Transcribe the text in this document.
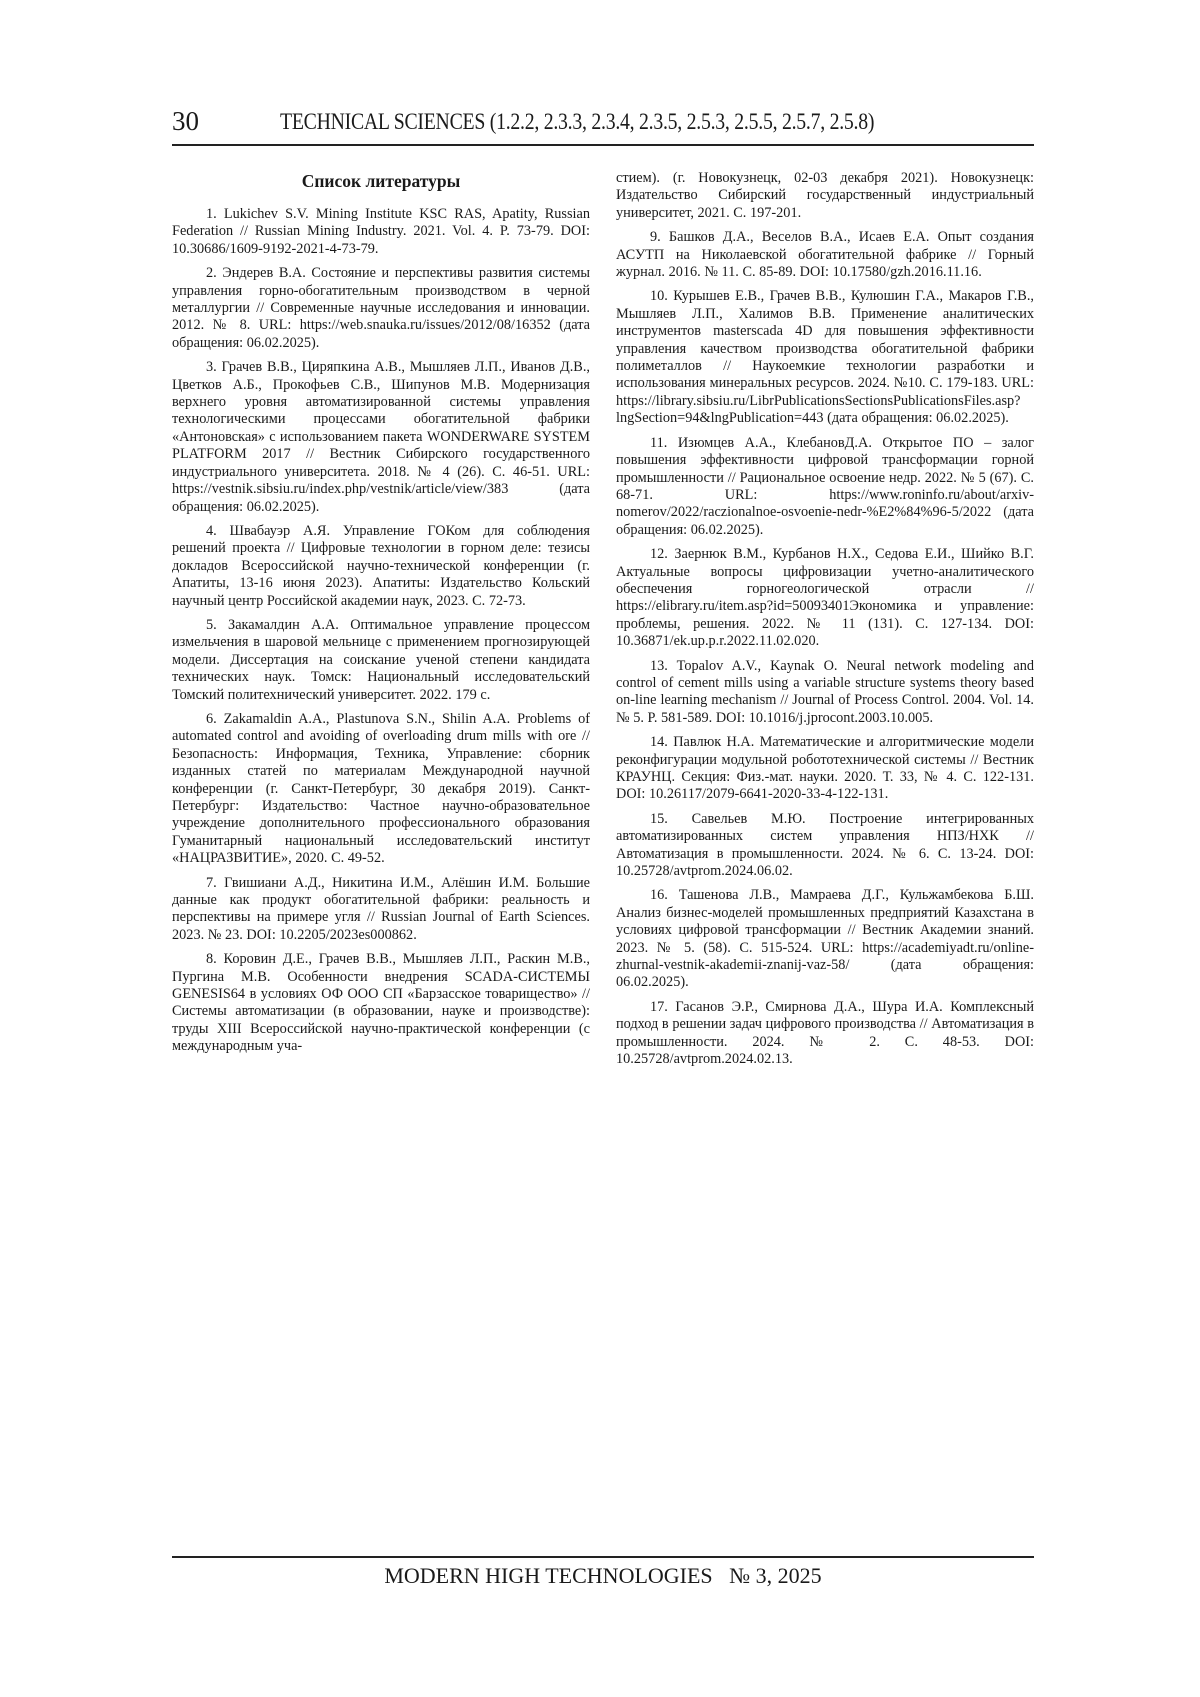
30	TECHNICAL SCIENCES (1.2.2, 2.3.3, 2.3.4, 2.3.5, 2.5.3, 2.5.5, 2.5.7, 2.5.8)
Список литературы

1. Lukichev S.V. Mining Institute KSC RAS, Apatity, Russian Federation // Russian Mining Industry. 2021. Vol. 4. P. 73-79. DOI: 10.30686/1609-9192-2021-4-73-79.

2. Эндерев В.А. Состояние и перспективы развития системы управления горно-обогатительным производством в черной металлургии // Современные научные исследования и инновации. 2012. № 8. URL: https://web.snauka.ru/issues/2012/08/16352 (дата обращения: 06.02.2025).

3. Грачев В.В., Циряпкина А.В., Мышляев Л.П., Иванов Д.В., Цветков А.Б., Прокофьев С.В., Шипунов М.В. Модернизация верхнего уровня автоматизированной системы управления технологическими процессами обогатительной фабрики «Антоновская» с использованием пакета WONDERWARE SYSTEM PLATFORM 2017 // Вестник Сибирского государственного индустриального университета. 2018. № 4 (26). С. 46-51. URL: https://vestnik.sibsiu.ru/index.php/vestnik/article/view/383 (дата обращения: 06.02.2025).

4. Швабауэр А.Я. Управление ГОКом для соблюдения решений проекта // Цифровые технологии в горном деле: тезисы докладов Всероссийской научно-технической конференции (г. Апатиты, 13-16 июня 2023). Апатиты: Издательство Кольский научный центр Российской академии наук, 2023. С. 72-73.

5. Закамалдин А.А. Оптимальное управление процессом измельчения в шаровой мельнице с применением прогнозирующей модели. Диссертация на соискание ученой степени кандидата технических наук. Томск: Национальный исследовательский Томский политехнический университет. 2022. 179 с.

6. Zakamaldin A.A., Plastunova S.N., Shilin A.A. Problems of automated control and avoiding of overloading drum mills with ore // Безопасность: Информация, Техника, Управление: сборник изданных статей по материалам Международной научной конференции (г. Санкт-Петербург, 30 декабря 2019). Санкт-Петербург: Издательство: Частное научно-образовательное учреждение дополнительного профессионального образования Гуманитарный национальный исследовательский институт «НАЦРАЗВИТИЕ», 2020. С. 49-52.

7. Гвишиани А.Д., Никитина И.М., Алёшин И.М. Большие данные как продукт обогатительной фабрики: реальность и перспективы на примере угля // Russian Journal of Earth Sciences. 2023. № 23. DOI: 10.2205/2023es000862.

8. Коровин Д.Е., Грачев В.В., Мышляев Л.П., Раскин М.В., Пургина М.В. Особенности внедрения SCADA-СИСТЕМЫ GENESIS64 в условиях ОФ ООО СП «Барзасское товарищество» // Системы автоматизации (в образовании, науке и производстве): труды XIII Всероссийской научно-практической конференции (с международным уча-

стием). (г. Новокузнецк, 02-03 декабря 2021). Новокузнецк: Издательство Сибирский государственный индустриальный университет, 2021. С. 197-201.

9. Башков Д.А., Веселов В.А., Исаев Е.А. Опыт создания АСУТП на Николаевской обогатительной фабрике // Горный журнал. 2016. № 11. С. 85-89. DOI: 10.17580/gzh.2016.11.16.

10. Курышев Е.В., Грачев В.В., Кулюшин Г.А., Макаров Г.В., Мышляев Л.П., Халимов В.В. Применение аналитических инструментов masterscada 4D для повышения эффективности управления качеством производства обогатительной фабрики полиметаллов // Наукоемкие технологии разработки и использования минеральных ресурсов. 2024. №10. С. 179-183. URL: https://library.sibsiu.ru/LibrPublicationsSectionsPublicationsFiles.asp?lngSection=94&lngPublication=443 (дата обращения: 06.02.2025).

11. Изюмцев А.А., КлебановД.А. Открытое ПО – залог повышения эффективности цифровой трансформации горной промышленности // Рациональное освоение недр. 2022. № 5 (67). С. 68-71. URL: https://www.roninfo.ru/about/arxiv-nomerov/2022/raczionalnoe-osvoenie-nedr-%E2%84%96-5/2022 (дата обращения: 06.02.2025).

12. Заернюк В.М., Курбанов Н.Х., Седова Е.И., Шийко В.Г. Актуальные вопросы цифровизации учетно-аналитического обеспечения горногеологической отрасли // https://elibrary.ru/item.asp?id=50093401Экономика и управление: проблемы, решения. 2022. № 11 (131). С. 127-134. DOI: 10.36871/ek.up.p.r.2022.11.02.020.

13. Topalov A.V., Kaynak O. Neural network modeling and control of cement mills using a variable structure systems theory based on-line learning mechanism // Journal of Process Control. 2004. Vol. 14. № 5. P. 581-589. DOI: 10.1016/j.jprocont.2003.10.005.

14. Павлюк Н.А. Математические и алгоритмические модели реконфигурации модульной робототехнической системы // Вестник КРАУНЦ. Секция: Физ.-мат. науки. 2020. Т. 33, № 4. С. 122-131. DOI: 10.26117/2079-6641-2020-33-4-122-131.

15. Савельев М.Ю. Построение интегрированных автоматизированных систем управления НПЗ/НХК // Автоматизация в промышленности. 2024. № 6. С. 13-24. DOI: 10.25728/avtprom.2024.06.02.

16. Ташенова Л.В., Мамраева Д.Г., Кульжамбекова Б.Ш. Анализ бизнес-моделей промышленных предприятий Казахстана в условиях цифровой трансформации // Вестник Академии знаний. 2023. № 5. (58). С. 515-524. URL: https://academiyadt.ru/online-zhurnal-vestnik-akademii-znanij-vaz-58/ (дата обращения: 06.02.2025).

17. Гасанов Э.Р., Смирнова Д.А., Шура И.А. Комплексный подход в решении задач цифрового производства // Автоматизация в промышленности. 2024. № 2. С. 48-53. DOI: 10.25728/avtprom.2024.02.13.

MODERN HIGH TECHNOLOGIES   № 3, 2025
